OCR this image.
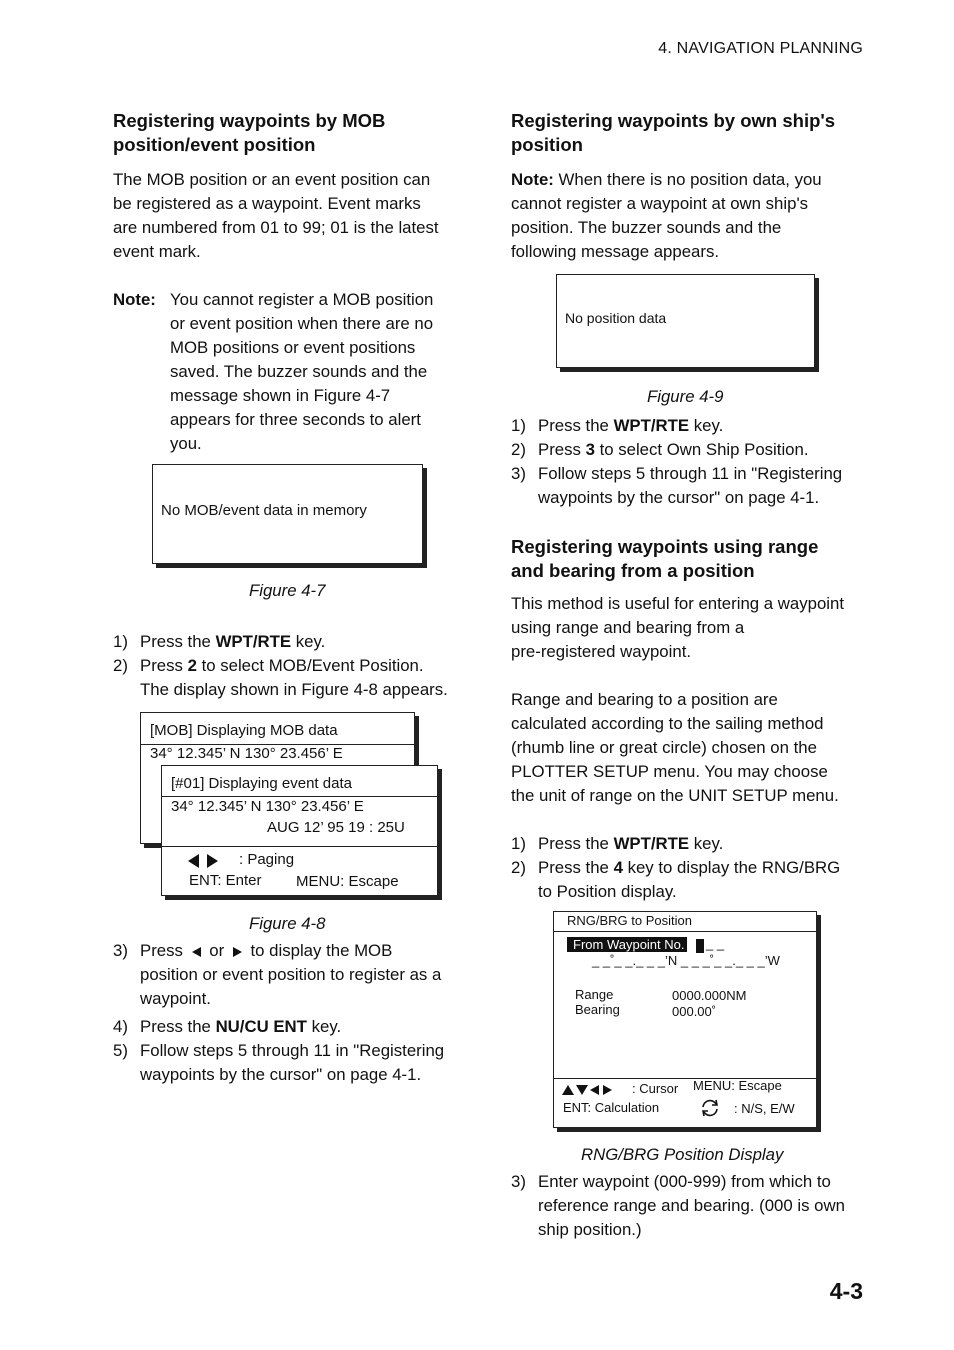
4. NAVIGATION PLANNING
Registering waypoints by MOB
position/event position
The MOB position or an event position can
be registered as a waypoint. Event marks
are numbered from 01 to 99; 01 is the latest
event mark.
Note: You cannot register a MOB position
or event position when there are no
MOB positions or event positions
saved. The buzzer sounds and the
message shown in Figure 4-7
appears for three seconds to alert
you.
No MOB/event data in memory
Figure 4-7
1) Press the WPT/RTE key.
2) Press 2 to select MOB/Event Position.
The display shown in Figure 4-8 appears.
[MOB] Displaying MOB data
34° 12.345’ N 130° 23.456’ E
[#01] Displaying event data
34° 12.345’ N 130° 23.456’ E
AUG 12’ 95 19 : 25U

: Paging
ENT: Enter MENU: Escape
Figure 4-8
3) Press or to display the MOB
position or event position to register as a
waypoint.
4) Press the NU/CU ENT key.
5) Follow steps 5 through 11 in "Registering
waypoints by the cursor" on page 4-1.
Registering waypoints by own ship's
position
Note: When there is no position data, you
cannot register a waypoint at own ship's
position. The buzzer sounds and the
following message appears.
No position data
Figure 4-9
1) Press the WPT/RTE key.
2) Press 3 to select Own Ship Position.
3) Follow steps 5 through 11 in "Registering
waypoints by the cursor" on page 4-1.
Registering waypoints using range
and bearing from a position
This method is useful for entering a waypoint
using range and bearing from a
pre-registered waypoint.
Range and bearing to a position are
calculated according to the sailing method
(rhumb line or great circle) chosen on the
PLOTTER SETUP menu. You may choose
the unit of range on the UNIT SETUP menu.
1) Press the WPT/RTE key.
2) Press the 4 key to display the RNG/BRG
to Position display.
RNG/BRG to Position
From Waypoint No. _ _
_ _˚_ _._ _ _’N _ _ _˚_ _._ _ _’W
Range
Bearing
0000.000NM
000.00˚
: Cursor MENU: Escape
ENT: Calculation	: N/S, E/W
RNG/BRG Position Display
3) Enter waypoint (000-999) from which to
reference range and bearing. (000 is own
ship position.)
4-3
